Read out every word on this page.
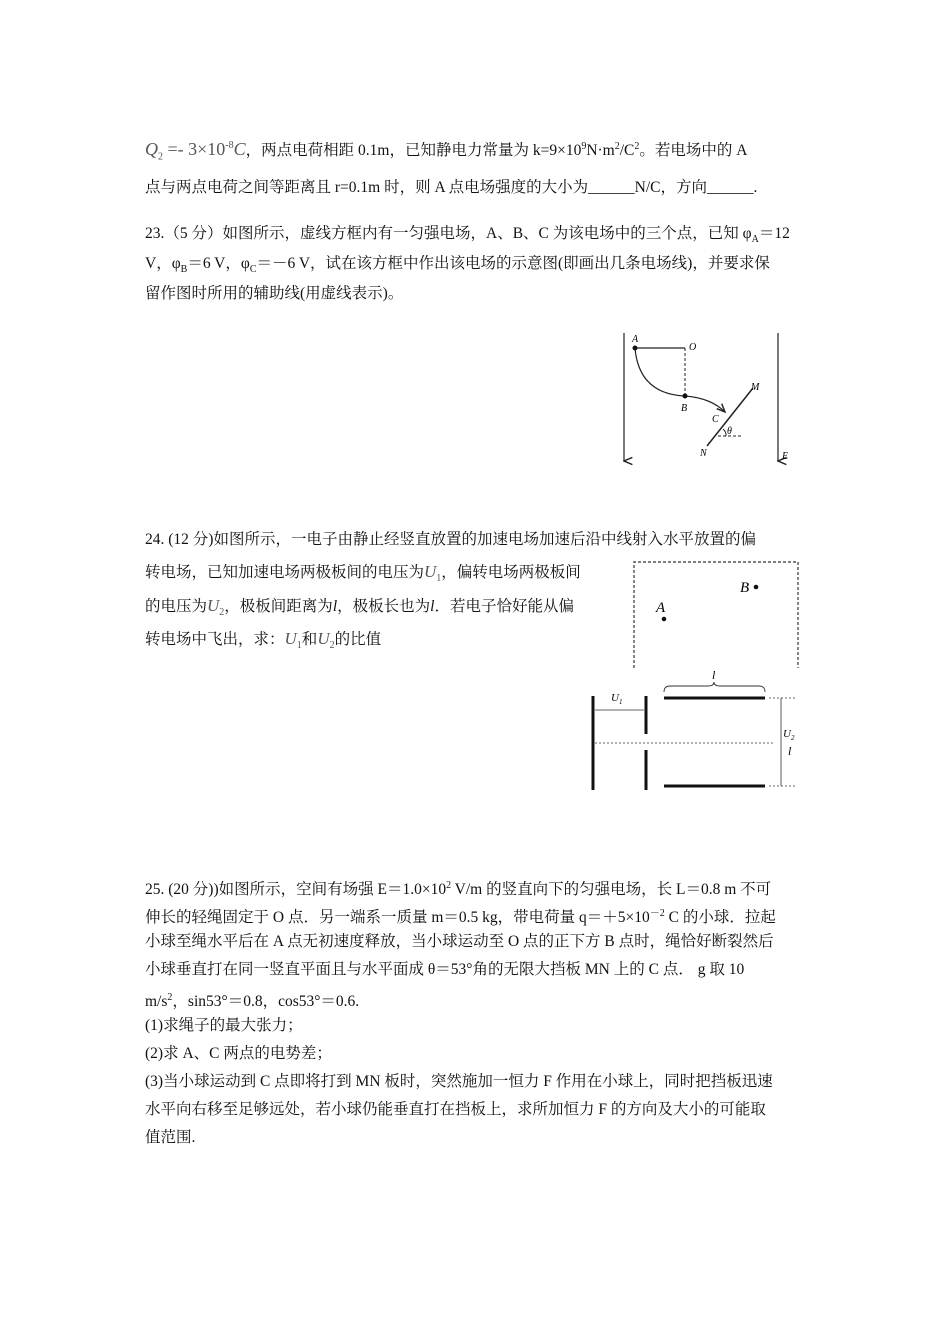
$Q_2 =- 3\times 10^{-8}C$，两点电荷相距 0.1m，已知静电力常量为 $k=9\times 10^9N\cdot m^2/C^2$。若电场中的 A
点与两点电荷之间等距离且 r=0.1m 时，则 A 点电场强度的大小为______N/C，方向______.
23.（5 分）如图所示，虚线方框内有一匀强电场，A、B、C 为该电场中的三个点，已知 $\varphi_A=12$
V，$\varphi_B=6$ V，$\varphi_C=-6$ V，试在该方框中作出该电场的示意图(即画出几条电场线)，并要求保
留作图时所用的辅助线(用虚线表示)。
A
O
B
C
M
N
θ
E
24. (12 分)如图所示，一电子由静止经竖直放置的加速电场加速后沿中线射入水平放置的偏
转电场，已知加速电场两极板间的电压为$U_1$，偏转电场两极板间
的电压为$U_2$，极板间距离为l，极板长也为l．若电子恰好能从偏
转电场中飞出，求：$U_1$和$U_2$的比值
B
A
$U_1$
l
$U_2$
l
25. (20 分))如图所示，空间有场强 $E=1.0\times 10^2$ V/m 的竖直向下的匀强电场，长 L＝0.8 m 不可
伸长的轻绳固定于 O 点．另一端系一质量 m＝0.5 kg，带电荷量 $q=+5\times 10^{-2}$ C 的小球．拉起
小球至绳水平后在 A 点无初速度释放，当小球运动至 O 点的正下方 B 点时，绳恰好断裂然后
小球垂直打在同一竖直平面且与水平面成 θ＝53°角的无限大挡板 MN 上的 C 点． g 取 10
$m/s^2$，sin53°＝0.8，cos53°＝0.6.
(1)求绳子的最大张力；
(2)求 A、C 两点的电势差；
(3)当小球运动到 C 点即将打到 MN 板时，突然施加一恒力 F 作用在小球上，同时把挡板迅速
水平向右移至足够远处，若小球仍能垂直打在挡板上，求所加恒力 F 的方向及大小的可能取
值范围.
